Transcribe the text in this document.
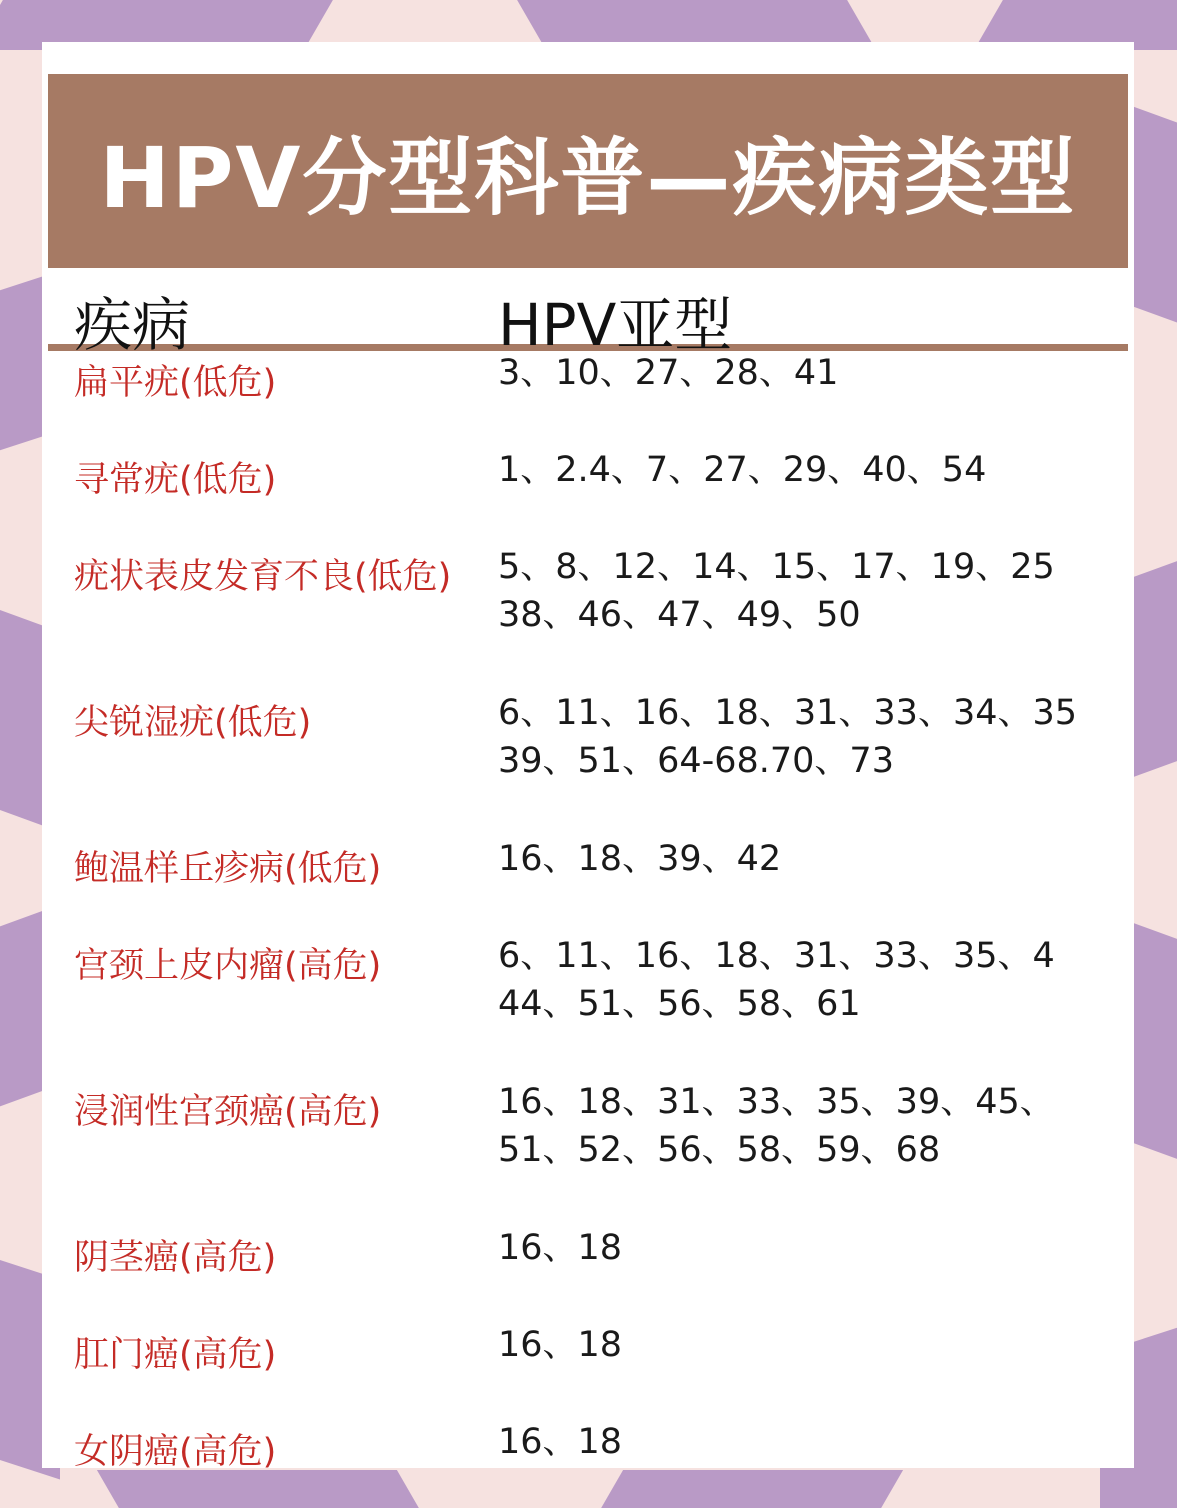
HPV分型科普—疾病类型
疾病	HPV亚型
扁平疣(低危)	3、10、27、28、41
寻常疣(低危)	1、2.4、7、27、29、40、54
疣状表皮发育不良(低危) 5、8、12、14、15、17、19、25
38、46、47、49、50
尖锐湿疣(低危)	6、11、16、18、31、33、34、35
39、51、64-68.70、73
鲍温样丘疹病(低危)	16、18、39、42
宫颈上皮内瘤(高危)	6、11、16、18、31、33、35、4
44、51、56、58、61
浸润性宫颈癌(高危)	16、18、31、33、35、39、45、
51、52、56、58、59、68
阴茎癌(高危)	16、18
肛门癌(高危)	16、18
女阴癌(高危)	16、18
